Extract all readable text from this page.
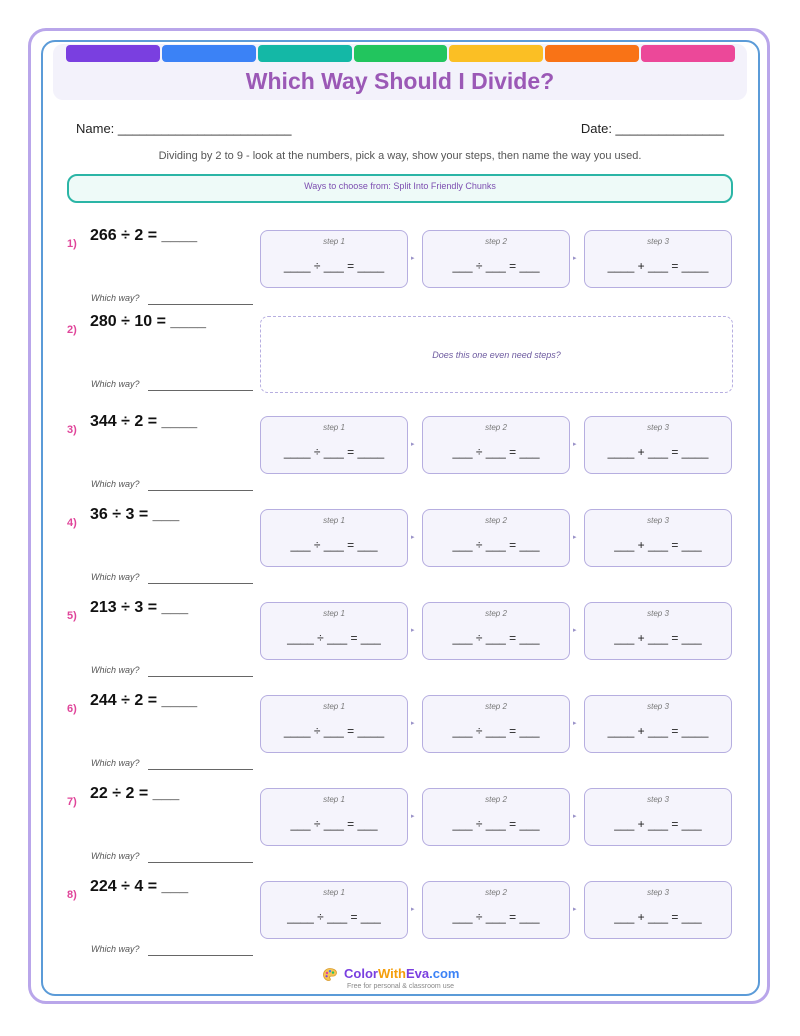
Which Way Should I Divide?
Name: ________________________	Date: _______________
Dividing by 2 to 9 - look at the numbers, pick a way, show your steps, then name the way you used.
Ways to choose from: Split Into Friendly Chunks
1) 266 ÷ 2 = ____
Which way?
step 1
____ ÷ ___ = ____
▸
step 2
___ ÷ ___ = ___
▸
step 3
____ + ___ = ____
2) 280 ÷ 10 = ____
Which way?
Does this one even need steps?
3) 344 ÷ 2 = ____
Which way?
step 1
____ ÷ ___ = ____
▸
step 2
___ ÷ ___ = ___
▸
step 3
____ + ___ = ____
4) 36 ÷ 3 = ___
Which way?
step 1
___ ÷ ___ = ___
▸
step 2
___ ÷ ___ = ___
▸
step 3
___ + ___ = ___
5) 213 ÷ 3 = ___
Which way?
step 1
____ ÷ ___ = ___
▸
step 2
___ ÷ ___ = ___
▸
step 3
___ + ___ = ___
6) 244 ÷ 2 = ____
Which way?
step 1
____ ÷ ___ = ____
▸
step 2
___ ÷ ___ = ___
▸
step 3
____ + ___ = ____
7) 22 ÷ 2 = ___
Which way?
step 1
___ ÷ ___ = ___
▸
step 2
___ ÷ ___ = ___
▸
step 3
___ + ___ = ___
8) 224 ÷ 4 = ___
Which way?
step 1
____ ÷ ___ = ___
▸
step 2
___ ÷ ___ = ___
▸
step 3
___ + ___ = ___
ColorWithEva.com
Free for personal & classroom use
